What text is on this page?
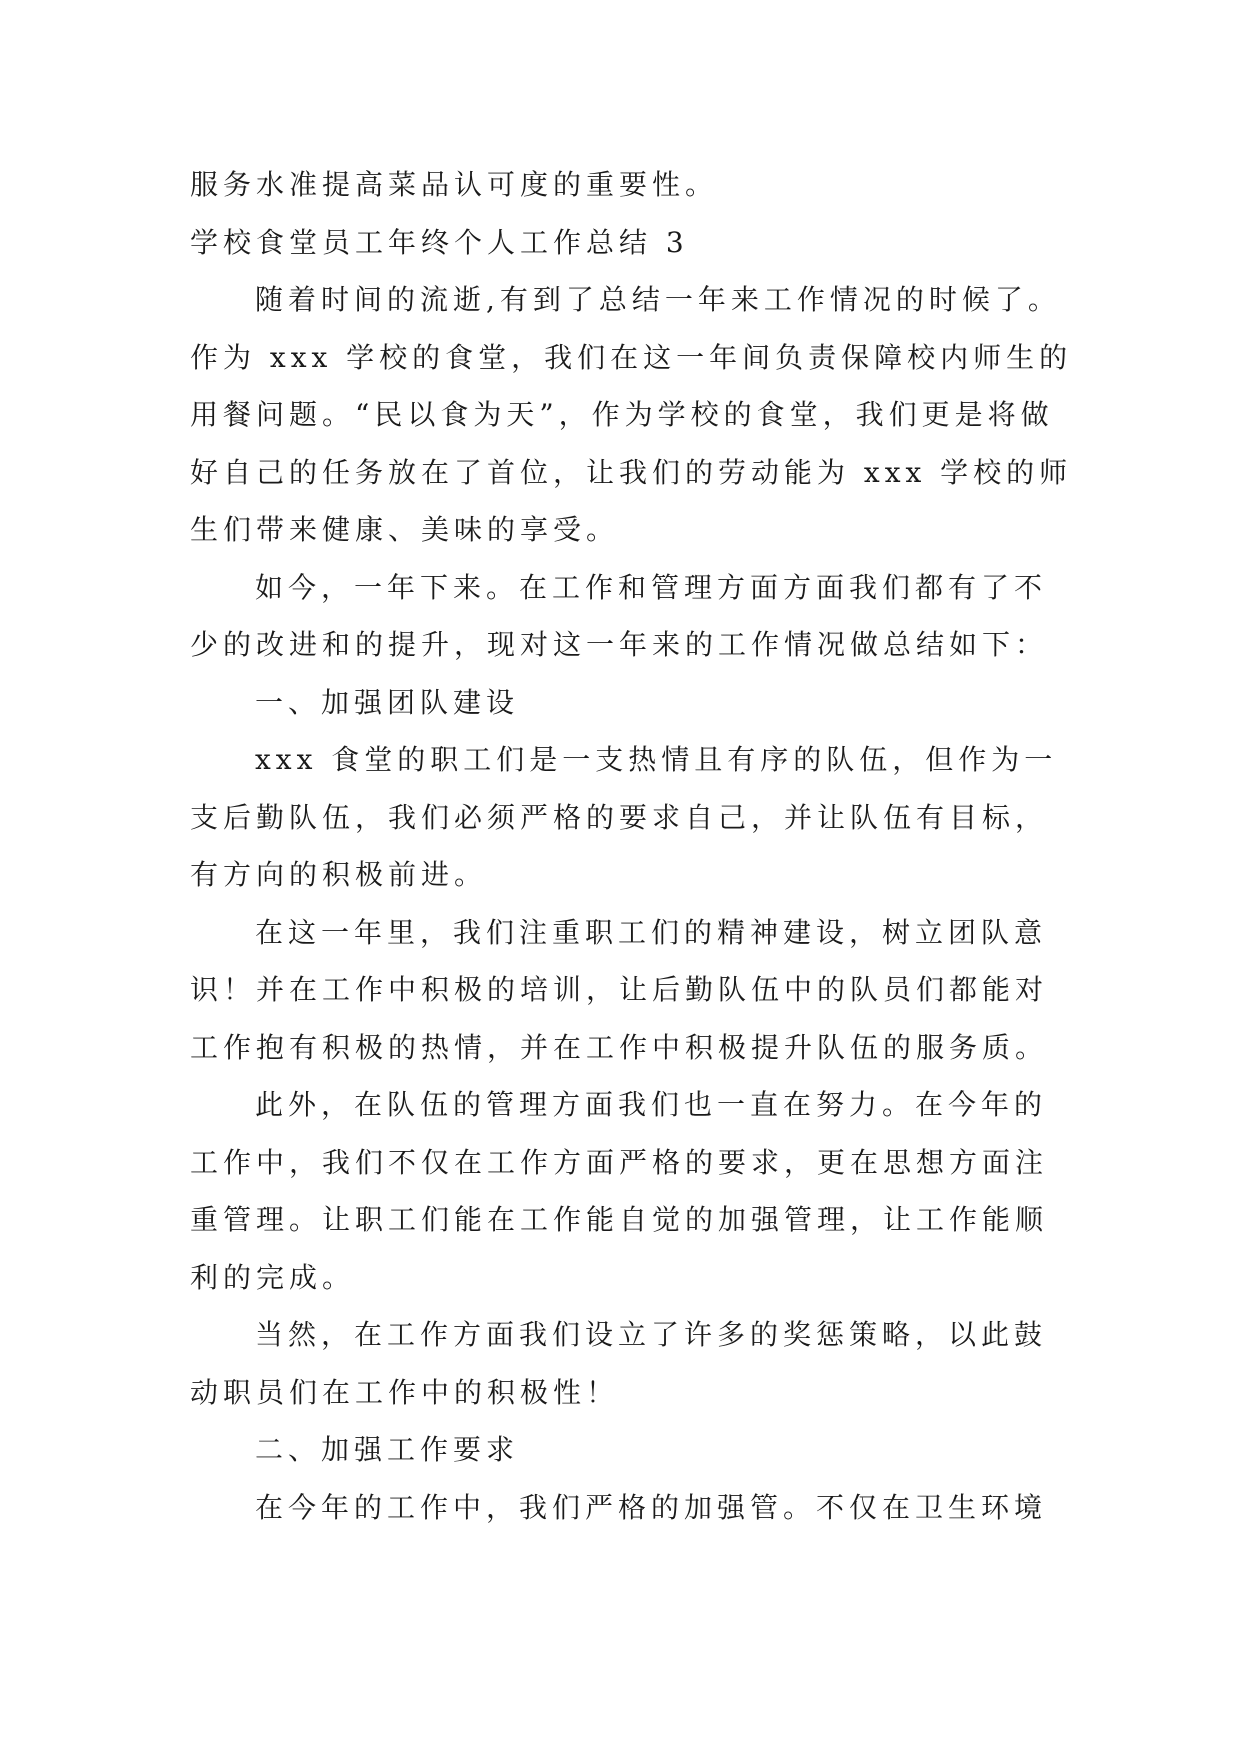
服务水准提高菜品认可度的重要性。
学校食堂员工年终个人工作总结 3
随着时间的流逝,有到了总结一年来工作情况的时候了。
作为 xxx 学校的食堂，我们在这一年间负责保障校内师生的
用餐问题。“民以食为天”，作为学校的食堂，我们更是将做
好自己的任务放在了首位，让我们的劳动能为 xxx 学校的师
生们带来健康、美味的享受。
如今，一年下来。在工作和管理方面方面我们都有了不
少的改进和的提升，现对这一年来的工作情况做总结如下：
一、加强团队建设
xxx 食堂的职工们是一支热情且有序的队伍，但作为一
支后勤队伍，我们必须严格的要求自己，并让队伍有目标，
有方向的积极前进。
在这一年里，我们注重职工们的精神建设，树立团队意
识！并在工作中积极的培训，让后勤队伍中的队员们都能对
工作抱有积极的热情，并在工作中积极提升队伍的服务质。
此外，在队伍的管理方面我们也一直在努力。在今年的
工作中，我们不仅在工作方面严格的要求，更在思想方面注
重管理。让职工们能在工作能自觉的加强管理，让工作能顺
利的完成。
当然，在工作方面我们设立了许多的奖惩策略，以此鼓
动职员们在工作中的积极性！
二、加强工作要求
在今年的工作中，我们严格的加强管。不仅在卫生环境
